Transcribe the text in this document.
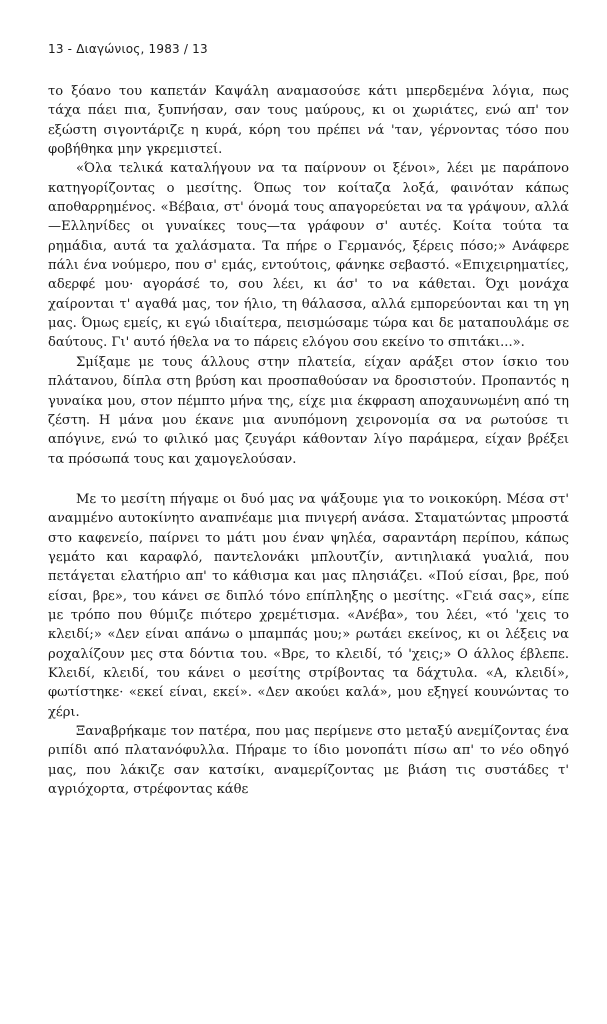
13 - Διαγώνιος, 1983 / 13

το ξόανο του καπετάν Καψάλη αναμασούσε κάτι μπερδεμένα λόγια, πως τάχα πάει πια, ξυπνήσαν, σαν τους μαύρους, κι οι χωριάτες, ενώ απ' τον εξώστη σιγοντάριζε η κυρά, κόρη του πρέπει νά 'ταν, γέρνοντας τόσο που φοβήθηκα μην γκρεμιστεί.

«Όλα τελικά καταλήγουν να τα παίρνουν οι ξένοι», λέει με παράπονο κατηγορίζοντας ο μεσίτης. Όπως τον κοίταζα λοξά, φαινόταν κάπως αποθαρρημένος. «Βέβαια, στ' όνομά τους απαγορεύεται να τα γράψουν, αλλά—Ελληνίδες οι γυναίκες τους—τα γράφουν σ' αυτές. Κοίτα τούτα τα ρημάδια, αυτά τα χαλάσματα. Τα πήρε ο Γερμανός, ξέρεις πόσο;» Ανάφερε πάλι ένα νούμερο, που σ' εμάς, εντούτοις, φάνηκε σεβαστό. «Επιχειρηματίες, αδερφέ μου· αγοράσέ το, σου λέει, κι άσ' το να κάθεται. Όχι μονάχα χαίρονται τ' αγαθά μας, τον ήλιο, τη θάλασσα, αλλά εμπορεύονται και τη γη μας. Όμως εμείς, κι εγώ ιδιαίτερα, πεισμώσαμε τώρα και δε ματαπουλάμε σε δαύτους. Γι' αυτό ήθελα να το πάρεις ελόγου σου εκείνο το σπιτάκι...».

Σμίξαμε με τους άλλους στην πλατεία, είχαν αράξει στον ίσκιο του πλάτανου, δίπλα στη βρύση και προσπαθούσαν να δροσιστούν. Προπαντός η γυναίκα μου, στον πέμπτο μήνα της, είχε μια έκφραση αποχαυνωμένη από τη ζέστη. Η μάνα μου έκανε μια ανυπόμονη χειρονομία σα να ρωτούσε τι απόγινε, ενώ το φιλικό μας ζευγάρι κάθονταν λίγο παράμερα, είχαν βρέξει τα πρόσωπά τους και χαμογελούσαν.

Με το μεσίτη πήγαμε οι δυό μας να ψάξουμε για το νοικοκύρη. Μέσα στ' αναμμένο αυτοκίνητο αναπνέαμε μια πνιγερή ανάσα. Σταματώντας μπροστά στο καφενείο, παίρνει το μάτι μου έναν ψηλέα, σαραντάρη περίπου, κάπως γεμάτο και καραφλό, παντελονάκι μπλουτζίν, αντιηλιακά γυαλιά, που πετάγεται ελατήριο απ' το κάθισμα και μας πλησιάζει. «Πού είσαι, βρε, πού είσαι, βρε», του κάνει σε διπλό τόνο επίπληξης ο μεσίτης. «Γειά σας», είπε με τρόπο που θύμιζε πιότερο χρεμέτισμα. «Ανέβα», του λέει, «τό 'χεις το κλειδί;» «Δεν είναι απάνω ο μπαμπάς μου;» ρωτάει εκείνος, κι οι λέξεις να ροχαλίζουν μες στα δόντια του. «Βρε, το κλειδί, τό 'χεις;» Ο άλλος έβλεπε. Κλειδί, κλειδί, του κάνει ο μεσίτης στρίβοντας τα δάχτυλα. «Α, κλειδί», φωτίστηκε· «εκεί είναι, εκεί». «Δεν ακούει καλά», μου εξηγεί κουνώντας το χέρι.

Ξαναβρήκαμε τον πατέρα, που μας περίμενε στο μεταξύ ανεμίζοντας ένα ριπίδι από πλατανόφυλλα. Πήραμε το ίδιο μονοπάτι πίσω απ' το νέο οδηγό μας, που λάκιζε σαν κατσίκι, αναμερίζοντας με βιάση τις συστάδες τ' αγριόχορτα, στρέφοντας κάθε
